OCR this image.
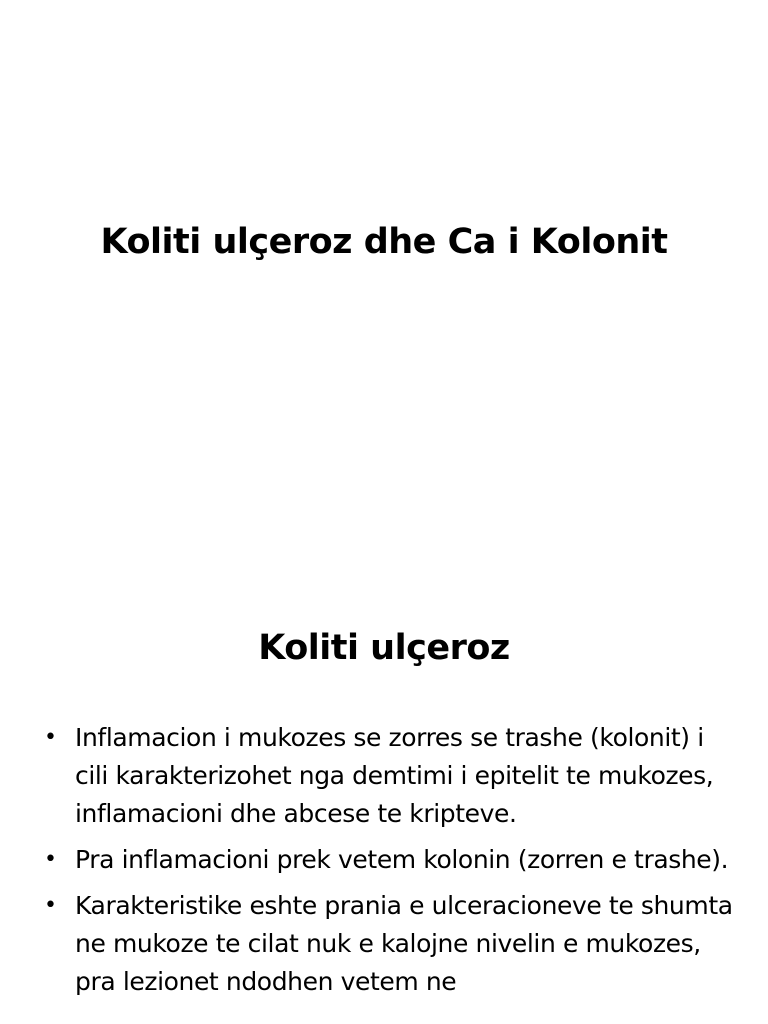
Koliti ulçeroz dhe Ca i Kolonit
Koliti ulçeroz
• Inflamacion i mukozes se zorres se trashe (kolonit) i cili karakterizohet nga demtimi i epitelit te mukozes, inflamacioni dhe abcese te kripteve.
• Pra inflamacioni prek vetem kolonin (zorren e trashe).
• Karakteristike eshte prania e ulceracioneve te shumta ne mukoze te cilat nuk e kalojne nivelin e mukozes, pra lezionet ndodhen vetem ne
